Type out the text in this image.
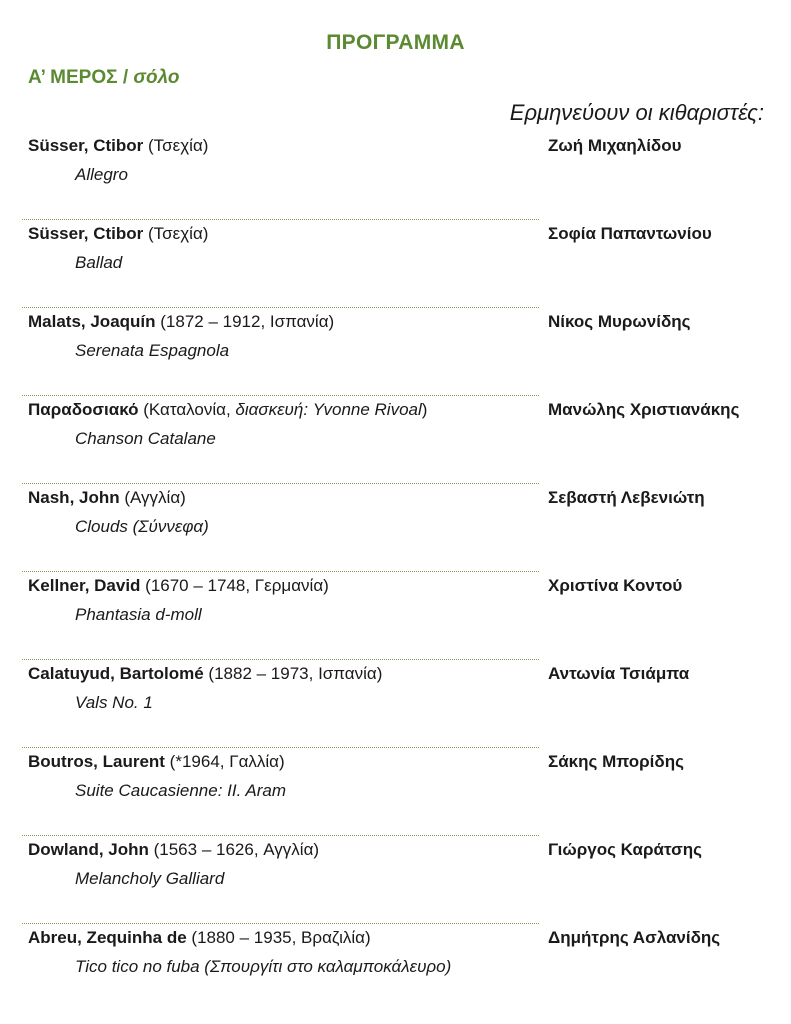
ΠΡΟΓΡΑΜΜΑ
Α’ ΜΕΡΟΣ / σόλο
Ερμηνεύουν οι κιθαριστές:
Süsser, Ctibor (Τσεχία)
Allegro
Ζωή Μιχαηλίδου
Süsser, Ctibor (Τσεχία)
Ballad
Σοφία Παπαντωνίου
Malats, Joaquín (1872 – 1912, Ισπανία)
Serenata Espagnola
Νίκος Μυρωνίδης
Παραδοσιακό (Καταλονία, διασκευή: Yvonne Rivoal)
Chanson Catalane
Μανώλης Χριστιανάκης
Nash, John (Αγγλία)
Clouds (Σύννεφα)
Σεβαστή Λεβενιώτη
Kellner, David (1670 – 1748, Γερμανία)
Phantasia d-moll
Χριστίνα Κοντού
Calatuyud, Bartolomé (1882 – 1973, Ισπανία)
Vals No. 1
Αντωνία Τσιάμπα
Boutros, Laurent (*1964, Γαλλία)
Suite Caucasienne: II. Aram
Σάκης Μπορίδης
Dowland, John (1563 – 1626, Αγγλία)
Melancholy Galliard
Γιώργος Καράτσης
Abreu, Zequinha de (1880 – 1935, Βραζιλία)
Tico tico no fuba (Σπουργίτι στο καλαμποκάλευρο)
Δημήτρης Ασλανίδης
